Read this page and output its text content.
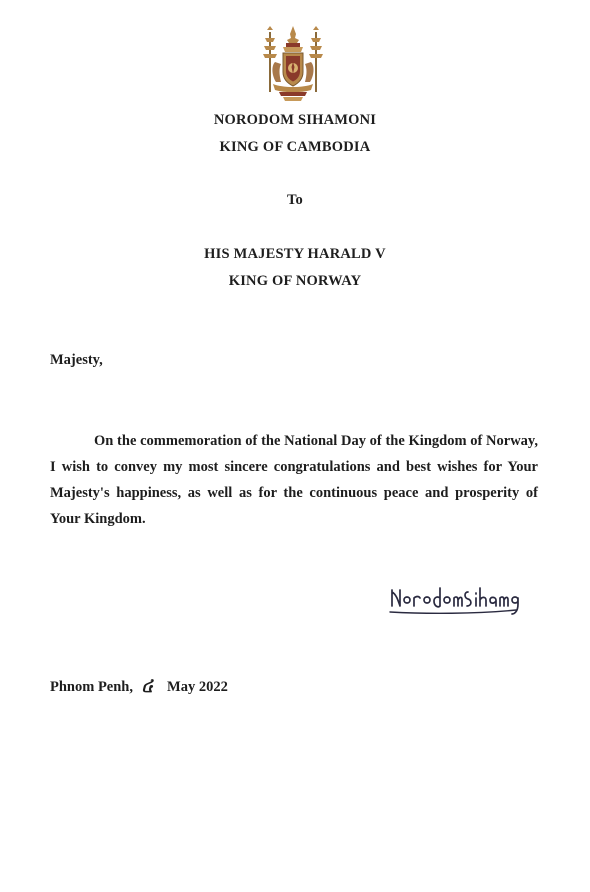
NORODOM SIHAMONI
KING OF CAMBODIA
To
HIS MAJESTY HARALD V
KING OF NORWAY
Majesty,

On the commemoration of the National Day of the Kingdom of Norway, I wish to convey my most sincere congratulations and best wishes for Your Majesty's happiness, as well as for the continuous peace and prosperity of Your Kingdom.

Phnom Penh, ៤ May 2022
